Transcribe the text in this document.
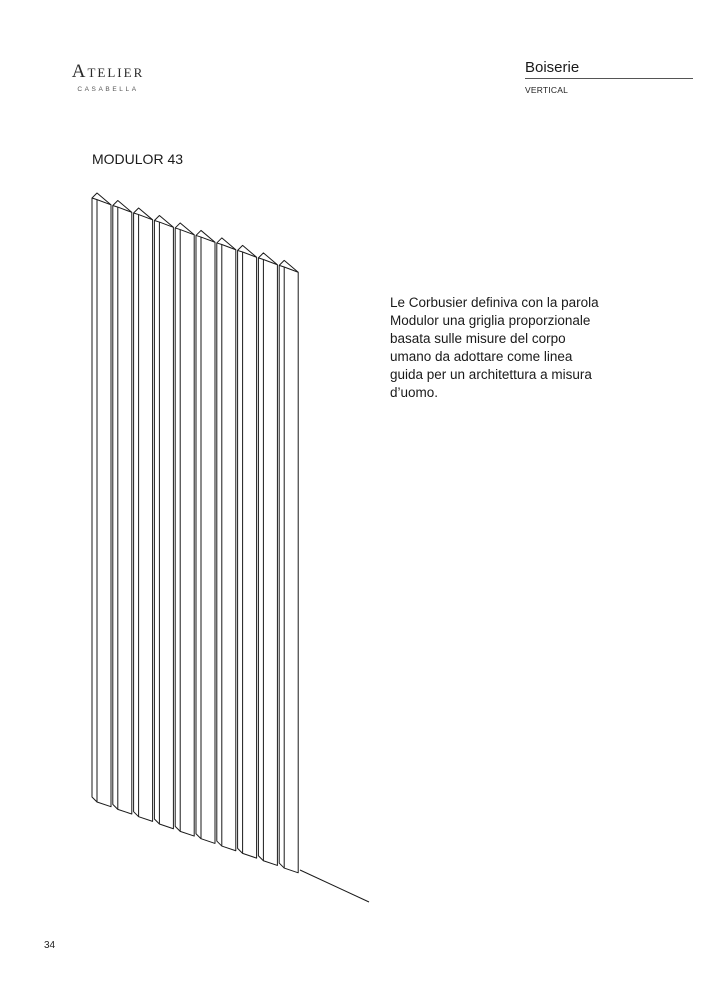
Atelier
CASABELLA
Boiserie
VERTICAL
MODULOR 43
Le Corbusier definiva con la parola
Modulor una griglia proporzionale
basata sulle misure del corpo
umano da adottare come linea
guida per un architettura a misura
d’uomo.
34
